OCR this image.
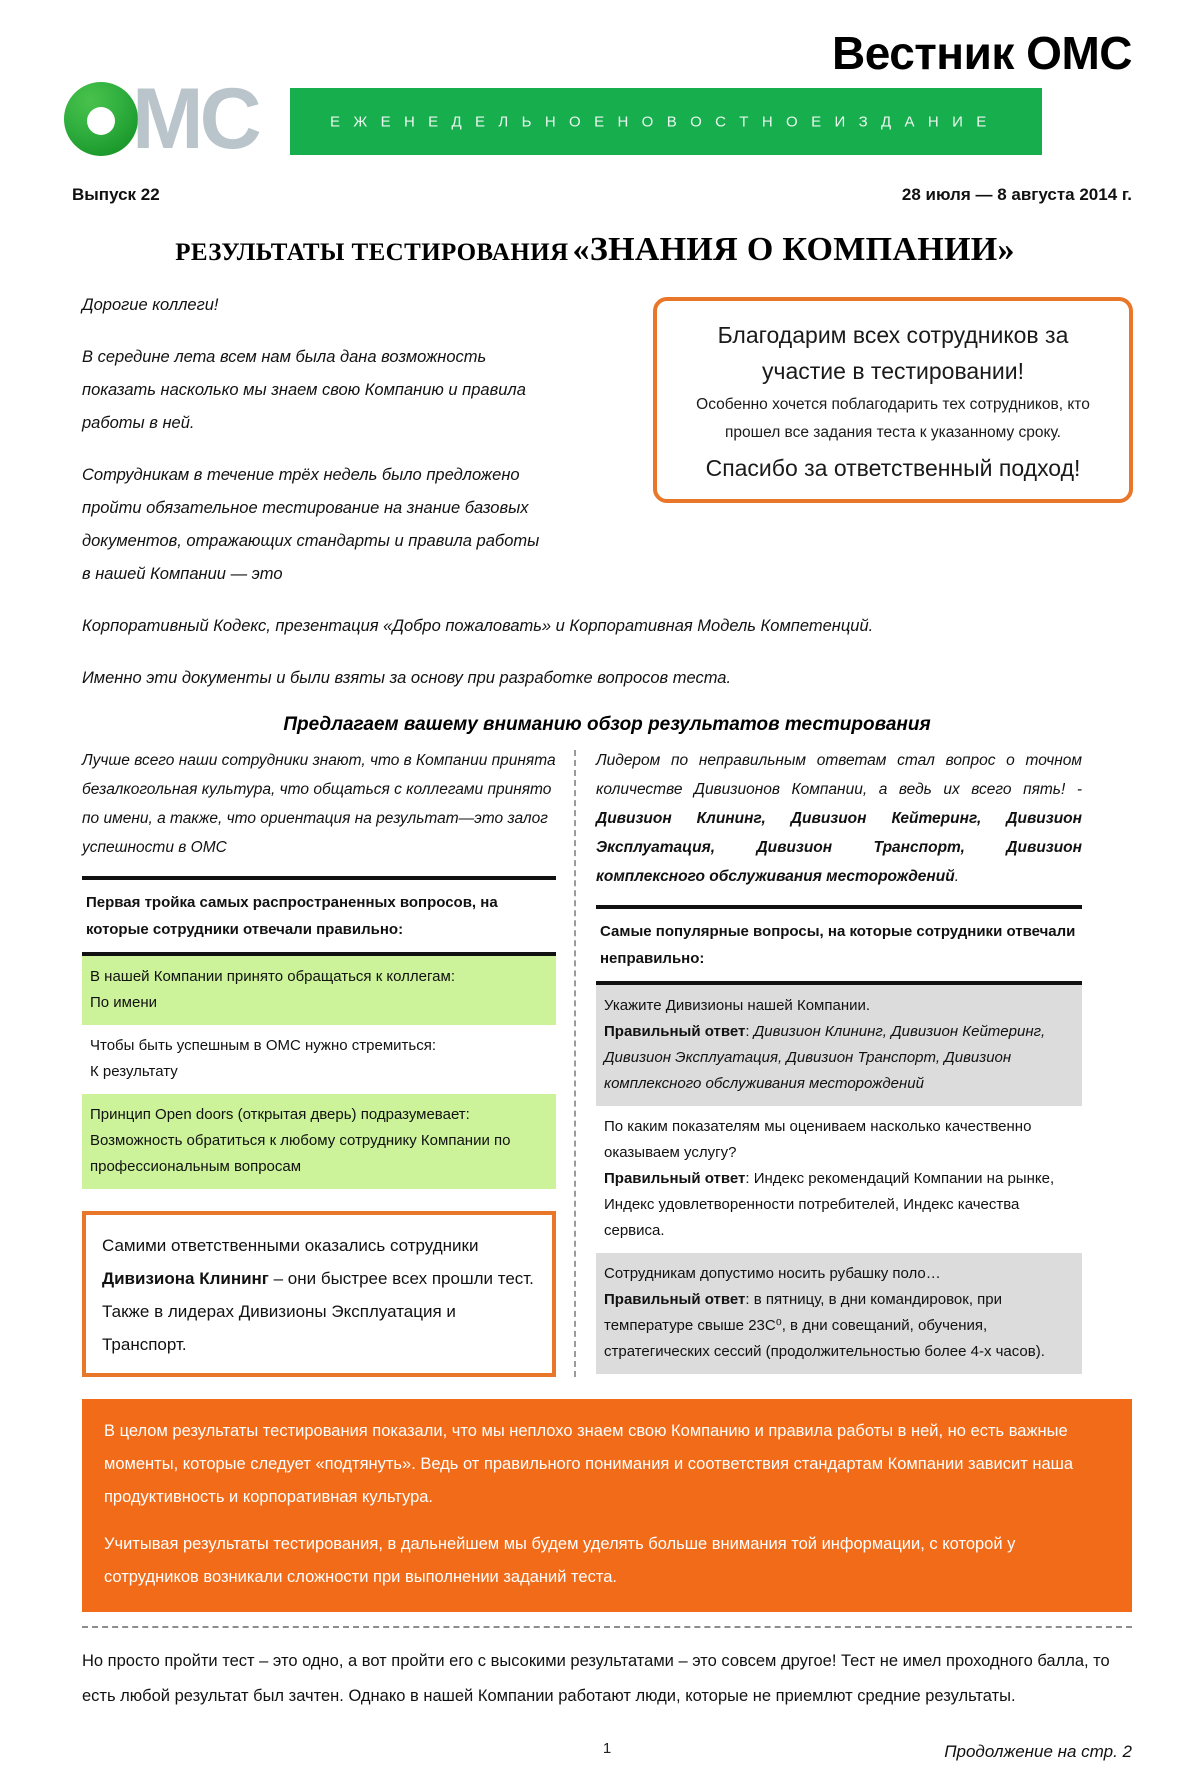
Вестник ОМС
MC	Е Ж Е Н Е Д Е Л Ь Н О Е Н О В О С Т Н О Е И З Д А Н И Е
Выпуск 22	28 июля — 8 августа 2014 г.
РЕЗУЛЬТАТЫ ТЕСТИРОВАНИЯ «ЗНАНИЯ О КОМПАНИИ»
Благодарим всех сотрудников за участие в тестировании!
Особенно хочется поблагодарить тех сотрудников, кто прошел все задания теста к указанному сроку.
Спасибо за ответственный подход!

Дорогие коллеги!

В середине лета всем нам была дана возможность показать насколько мы знаем свою Компанию и правила работы в ней.

Сотрудникам в течение трёх недель было предложено пройти обязательное тестирование на знание базовых документов, отражающих стандарты и правила работы в нашей Компании — это

Корпоративный Кодекс, презентация «Добро пожаловать» и Корпоративная Модель Компетенций.

Именно эти документы и были взяты за основу при разработке вопросов теста.

Предлагаем вашему вниманию обзор результатов тестирования

Лучше всего наши сотрудники знают, что в Компании принята безалкогольная культура, что общаться с коллегами принято по имени, а также, что ориентация на результат—это залог успешности в ОМС

Первая тройка самых распространенных вопросов, на которые сотрудники отвечали правильно:

В нашей Компании принято обращаться к коллегам:
По имени
Чтобы быть успешным в ОМС нужно стремиться:
К результату
Принцип Open doors (открытая дверь) подразумевает:
Возможность обратиться к любому сотруднику Компании по профессиональным вопросам

Самими ответственными оказались сотрудники Дивизиона Клининг – они быстрее всех прошли тест. Также в лидерах Дивизионы Эксплуатация и Транспорт.

Лидером по неправильным ответам стал вопрос о точном количестве Дивизионов Компании, а ведь их всего пять! - Дивизион Клининг, Дивизион Кейтеринг, Дивизион Эксплуатация, Дивизион Транспорт, Дивизион комплексного обслуживания месторождений.

Самые популярные вопросы, на которые сотрудники отвечали неправильно:

Укажите Дивизионы нашей Компании.
Правильный ответ: Дивизион Клининг, Дивизион Кейтеринг, Дивизион Эксплуатация, Дивизион Транспорт, Дивизион комплексного обслуживания месторождений
По каким показателям мы оцениваем насколько качественно оказываем услугу?
Правильный ответ: Индекс рекомендаций Компании на рынке, Индекс удовлетворенности потребителей, Индекс качества сервиса.
Сотрудникам допустимо носить рубашку поло…
Правильный ответ: в пятницу, в дни командировок, при температуре свыше 23С⁰, в дни совещаний, обучения, стратегических сессий (продолжительностью более 4-х часов).

В целом результаты тестирования показали, что мы неплохо знаем свою Компанию и правила работы в ней, но есть важные моменты, которые следует «подтянуть». Ведь от правильного понимания и соответствия стандартам Компании зависит наша продуктивность и корпоративная культура.

Учитывая результаты тестирования, в дальнейшем мы будем уделять больше внимания той информации, с которой у сотрудников возникали сложности при выполнении заданий теста.

Но просто пройти тест – это одно, а вот пройти его с высокими результатами – это совсем другое! Тест не имел проходного балла, то есть любой результат был зачтен. Однако в нашей Компании работают люди, которые не приемлют средние результаты.

1	Продолжение на стр. 2
